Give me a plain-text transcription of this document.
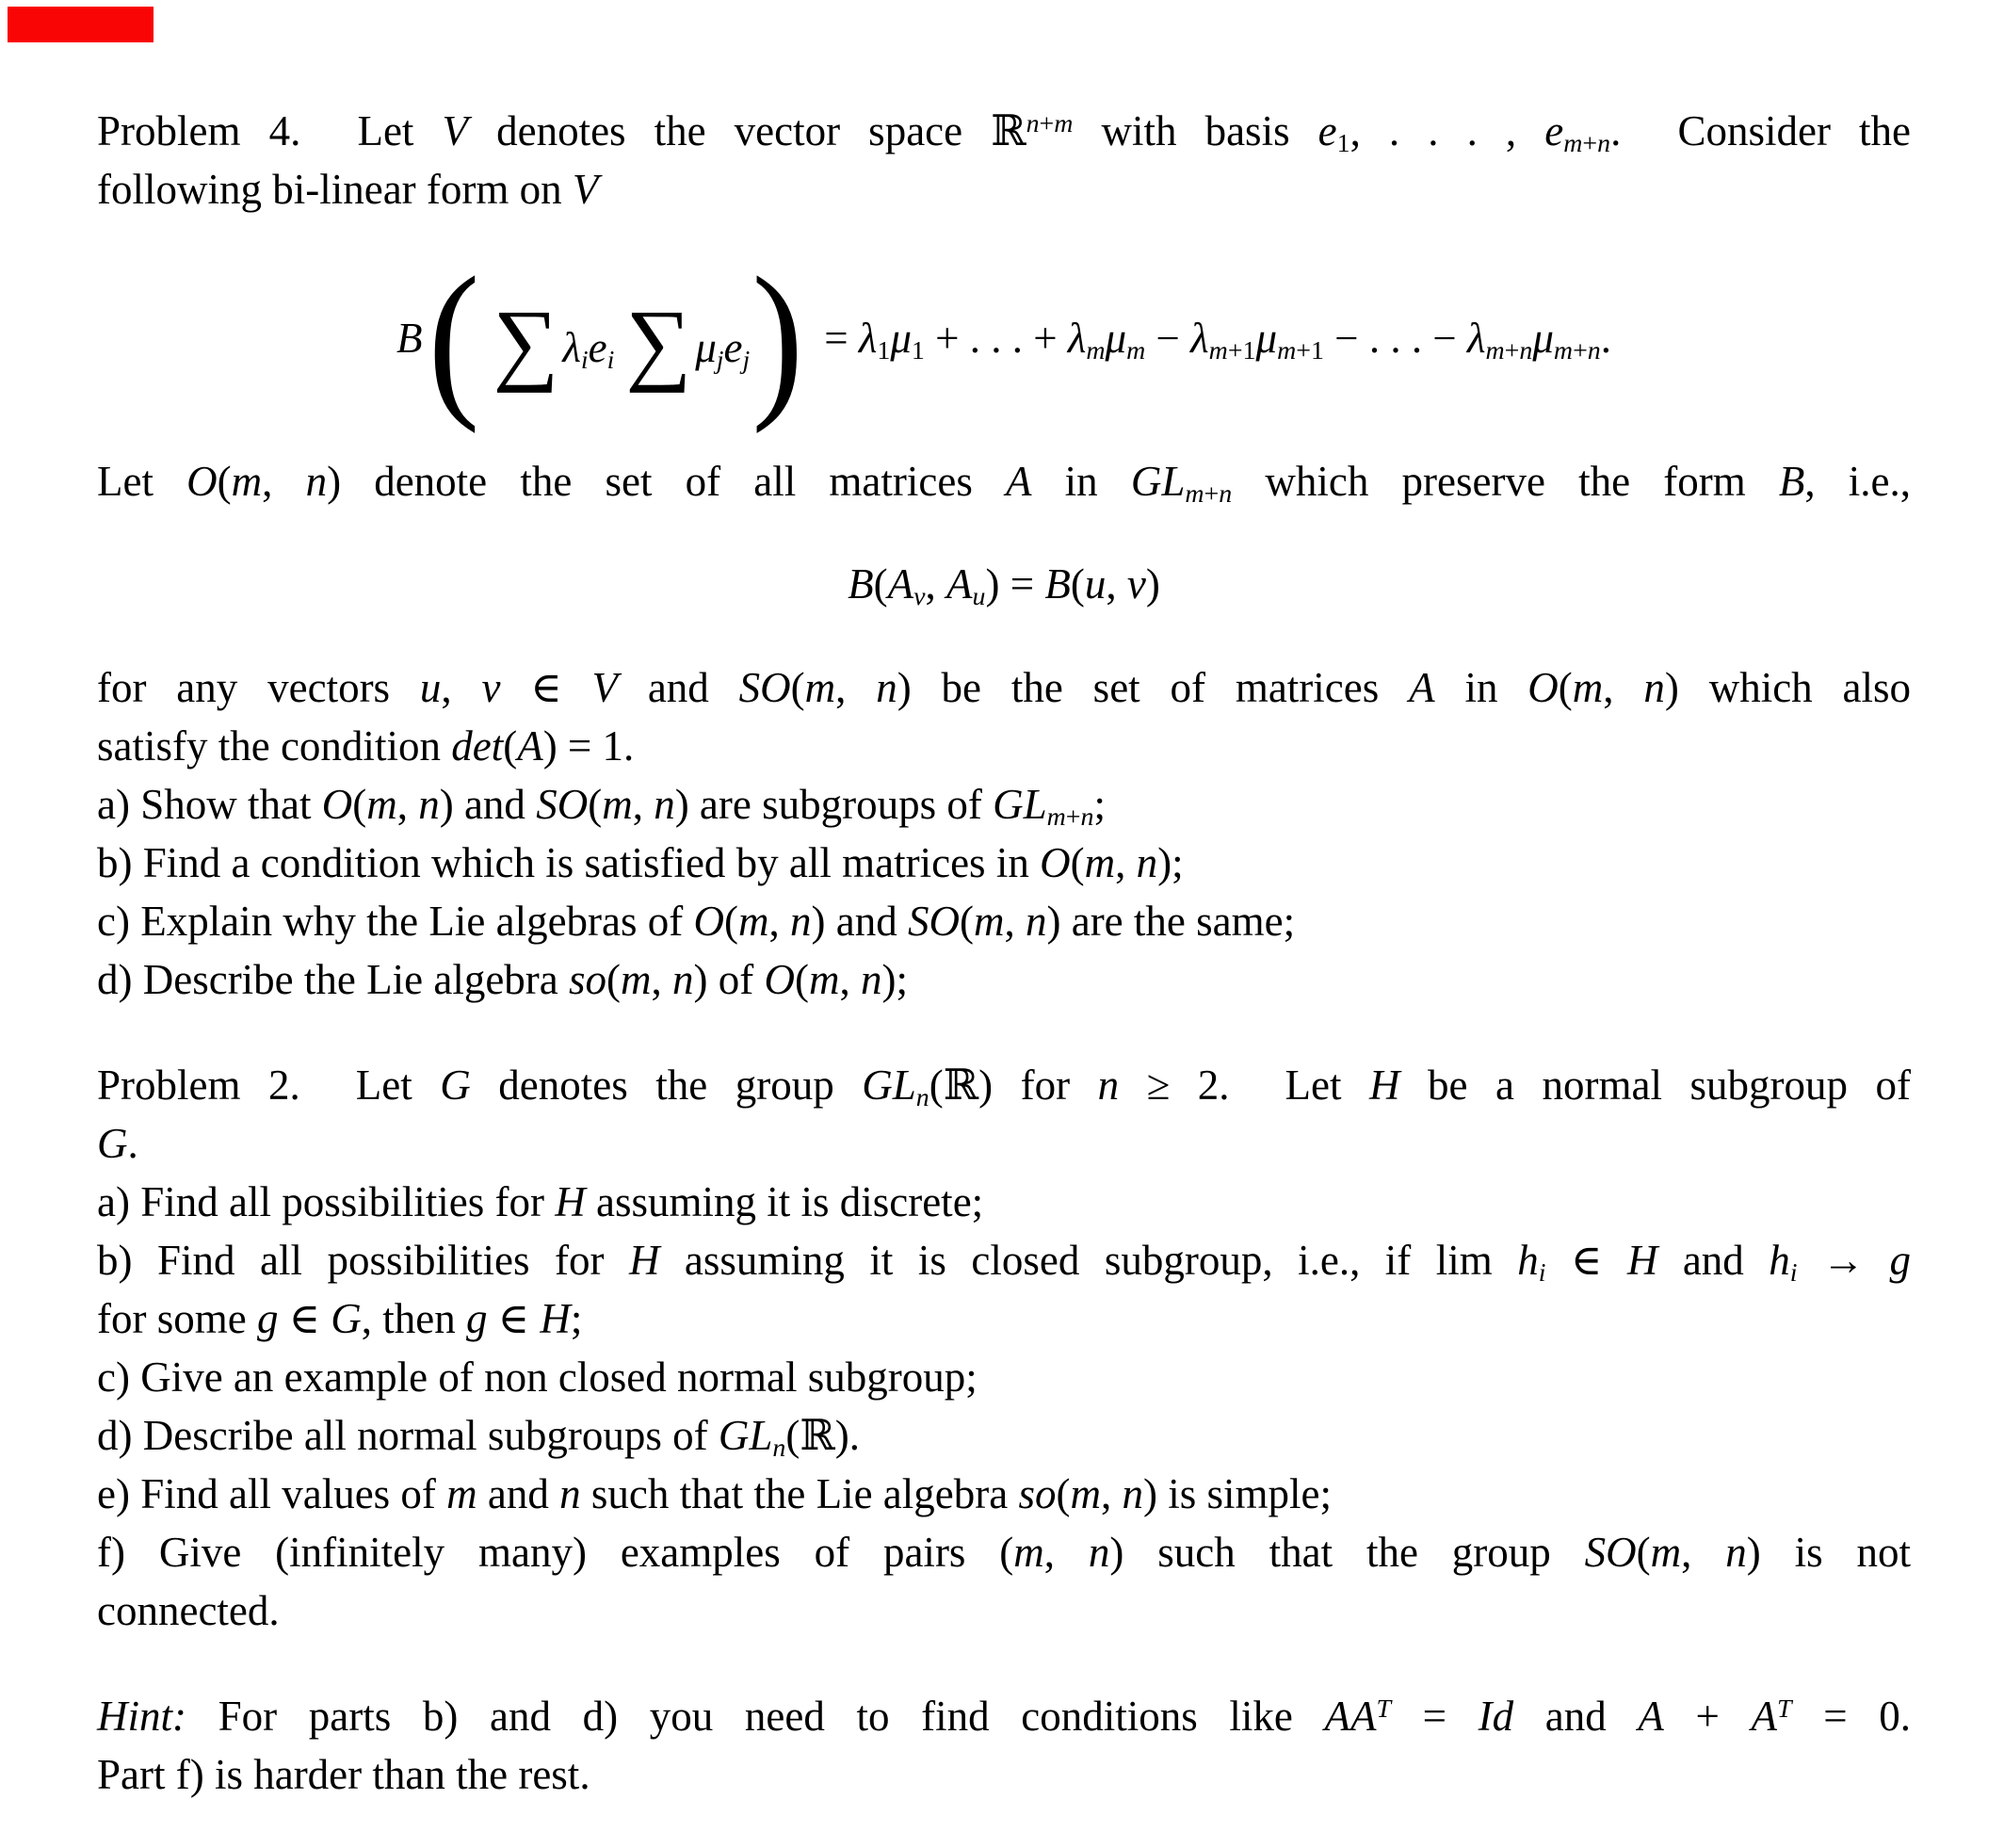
Problem 4.  Let V denotes the vector space ℝ$^{n+m}$ with basis $e_1$, . . . , $e_{m+n}$.  Consider the
following bi-linear form on V
B ( ∑ $\lambda_ie_i$ ∑ $\mu_je_j$ ) = $\lambda_1\mu_1$ + . . . + $\lambda_m\mu_m - \lambda_{m+1}\mu_{m+1}$ − . . . − $\lambda_{m+n}\mu_{m+n}$.
Let O(m, n) denote the set of all matrices A in $GL_{m+n}$ which preserve the form B, i.e.,
$B(A_v$, $A_u) = B(u$, v)
for any vectors u, v ∈ V and SO(m, n) be the set of matrices A in O(m, n) which also
satisfy the condition det(A) = 1.
a) Show that O(m, n) and SO(m, n) are subgroups of $GL_{m+n}$;
b) Find a condition which is satisfied by all matrices in O(m, n);
c) Explain why the Lie algebras of O(m, n) and SO(m, n) are the same;
d) Describe the Lie algebra so(m, n) of O(m, n);
Problem 2.  Let G denotes the group $GL_n(ℝ)$ for n ≥ 2.  Let H be a normal subgroup of
G.
a) Find all possibilities for H assuming it is discrete;
b) Find all possibilities for H assuming it is closed subgroup, i.e., if $\lim h_i$ ∈ H and $h_i \to g$
for some g ∈ G, then g ∈ H;
c) Give an example of non closed normal subgroup;
d) Describe all normal subgroups of $GL_n(ℝ)$.
e) Find all values of m and n such that the Lie algebra so(m, n) is simple;
f) Give (infinitely many) examples of pairs (m, n) such that the group SO(m, n) is not
connected.
Hint: For parts b) and d) you need to find conditions like $AA^T = Id$ and $A + A^T = 0$.
Part f) is harder than the rest.
